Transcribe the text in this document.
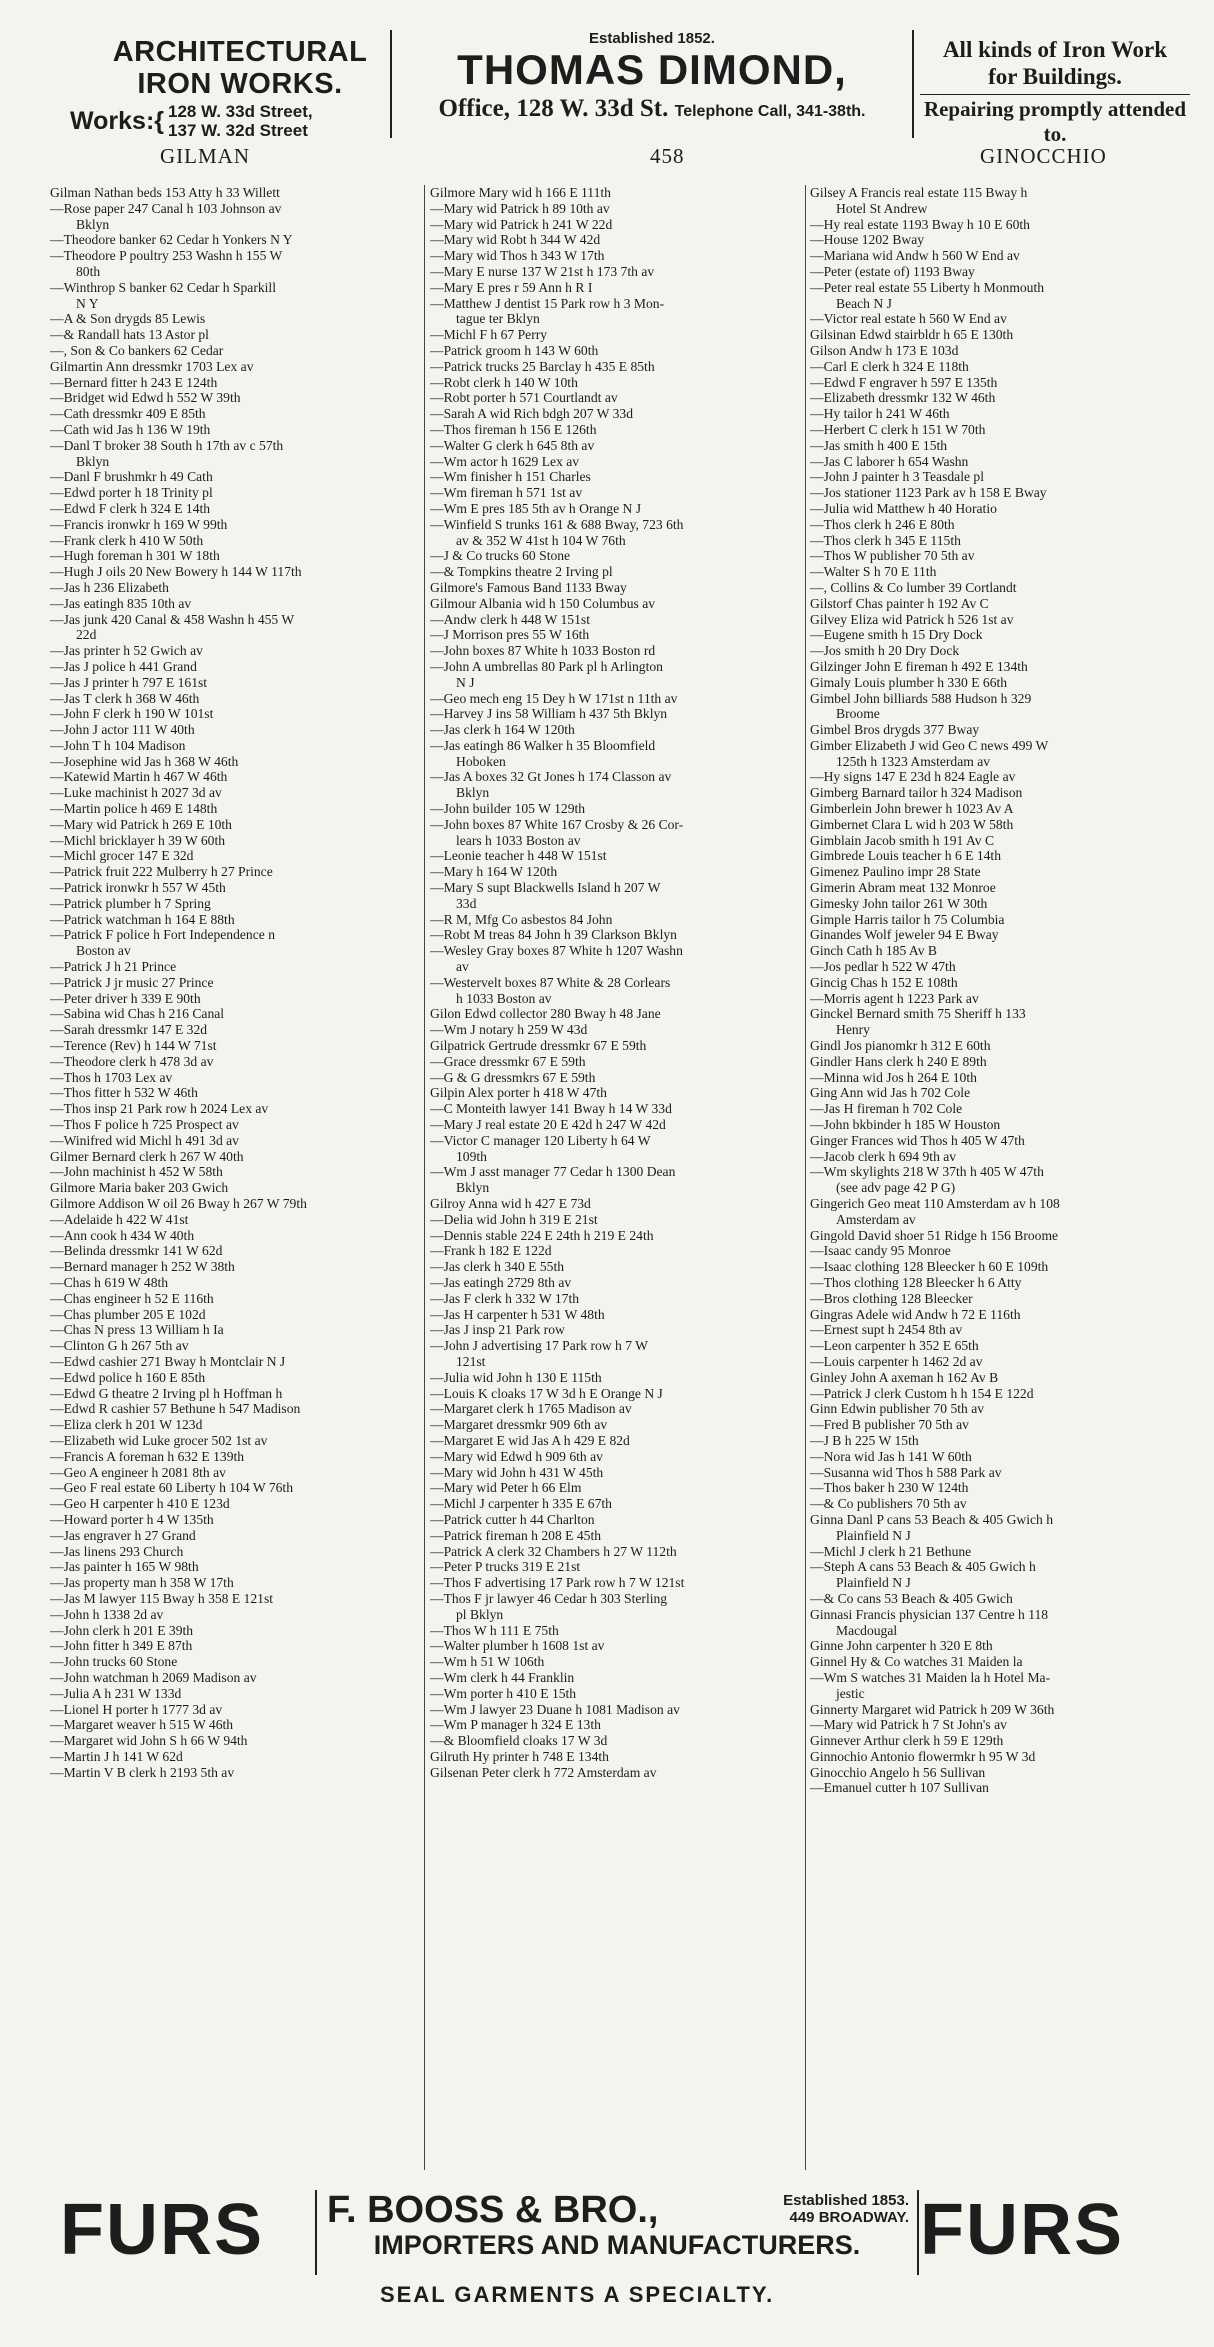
ARCHITECTURAL
IRON WORKS.
Works :{ 128 W. 33d Street,
137 W. 32d Street
Established 1852.
THOMAS DIMOND,
Office, 128 W. 33d St. Telephone Call, 341-38th.
All kinds of Iron Work
for Buildings.
Repairing promptly attended to.
GILMAN	458	GINOCCHIO
Gilman Nathan beds 153 Atty h 33 Willett
—Rose paper 247 Canal h 103 Johnson av
Bklyn
—Theodore banker 62 Cedar h Yonkers N Y
—Theodore P poultry 253 Washn h 155 W
80th
—Winthrop S banker 62 Cedar h Sparkill
N Y
—A & Son drygds 85 Lewis
—& Randall hats 13 Astor pl
—, Son & Co bankers 62 Cedar
Gilmartin Ann dressmkr 1703 Lex av
—Bernard fitter h 243 E 124th
—Bridget wid Edwd h 552 W 39th
—Cath dressmkr 409 E 85th
—Cath wid Jas h 136 W 19th
—Danl T broker 38 South h 17th av c 57th
Bklyn
—Danl F brushmkr h 49 Cath
—Edwd porter h 18 Trinity pl
—Edwd F clerk h 324 E 14th
—Francis ironwkr h 169 W 99th
—Frank clerk h 410 W 50th
—Hugh foreman h 301 W 18th
—Hugh J oils 20 New Bowery h 144 W 117th
—Jas h 236 Elizabeth
—Jas eatingh 835 10th av
—Jas junk 420 Canal & 458 Washn h 455 W
22d
—Jas printer h 52 Gwich av
—Jas J police h 441 Grand
—Jas J printer h 797 E 161st
—Jas T clerk h 368 W 46th
—John F clerk h 190 W 101st
—John J actor 111 W 40th
—John T h 104 Madison
—Josephine wid Jas h 368 W 46th
—Katewid Martin h 467 W 46th
—Luke machinist h 2027 3d av
—Martin police h 469 E 148th
—Mary wid Patrick h 269 E 10th
—Michl bricklayer h 39 W 60th
—Michl grocer 147 E 32d
—Patrick fruit 222 Mulberry h 27 Prince
—Patrick ironwkr h 557 W 45th
—Patrick plumber h 7 Spring
—Patrick watchman h 164 E 88th
—Patrick F police h Fort Independence n
Boston av
—Patrick J h 21 Prince
—Patrick J jr music 27 Prince
—Peter driver h 339 E 90th
—Sabina wid Chas h 216 Canal
—Sarah dressmkr 147 E 32d
—Terence (Rev) h 144 W 71st
—Theodore clerk h 478 3d av
—Thos h 1703 Lex av
—Thos fitter h 532 W 46th
—Thos insp 21 Park row h 2024 Lex av
—Thos F police h 725 Prospect av
—Winifred wid Michl h 491 3d av
Gilmer Bernard clerk h 267 W 40th
—John machinist h 452 W 58th
Gilmore Maria baker 203 Gwich
Gilmore Addison W oil 26 Bway h 267 W 79th
—Adelaide h 422 W 41st
—Ann cook h 434 W 40th
—Belinda dressmkr 141 W 62d
—Bernard manager h 252 W 38th
—Chas h 619 W 48th
—Chas engineer h 52 E 116th
—Chas plumber 205 E 102d
—Chas N press 13 William h Ia
—Clinton G h 267 5th av
—Edwd cashier 271 Bway h Montclair N J
—Edwd police h 160 E 85th
—Edwd G theatre 2 Irving pl h Hoffman h
—Edwd R cashier 57 Bethune h 547 Madison
—Eliza clerk h 201 W 123d
—Elizabeth wid Luke grocer 502 1st av
—Francis A foreman h 632 E 139th
—Geo A engineer h 2081 8th av
—Geo F real estate 60 Liberty h 104 W 76th
—Geo H carpenter h 410 E 123d
—Howard porter h 4 W 135th
—Jas engraver h 27 Grand
—Jas linens 293 Church
—Jas painter h 165 W 98th
—Jas property man h 358 W 17th
—Jas M lawyer 115 Bway h 358 E 121st
—John h 1338 2d av
—John clerk h 201 E 39th
—John fitter h 349 E 87th
—John trucks 60 Stone
—John watchman h 2069 Madison av
—Julia A h 231 W 133d
—Lionel H porter h 1777 3d av
—Margaret weaver h 515 W 46th
—Margaret wid John S h 66 W 94th
—Martin J h 141 W 62d
—Martin V B clerk h 2193 5th av
Gilmore Mary wid h 166 E 111th
—Mary wid Patrick h 89 10th av
—Mary wid Patrick h 241 W 22d
—Mary wid Robt h 344 W 42d
—Mary wid Thos h 343 W 17th
—Mary E nurse 137 W 21st h 173 7th av
—Mary E pres r 59 Ann h R I
—Matthew J dentist 15 Park row h 3 Mon-
tague ter Bklyn
—Michl F h 67 Perry
—Patrick groom h 143 W 60th
—Patrick trucks 25 Barclay h 435 E 85th
—Robt clerk h 140 W 10th
—Robt porter h 571 Courtlandt av
—Sarah A wid Rich bdgh 207 W 33d
—Thos fireman h 156 E 126th
—Walter G clerk h 645 8th av
—Wm actor h 1629 Lex av
—Wm finisher h 151 Charles
—Wm fireman h 571 1st av
—Wm E pres 185 5th av h Orange N J
—Winfield S trunks 161 & 688 Bway, 723 6th
av & 352 W 41st h 104 W 76th
—J & Co trucks 60 Stone
—& Tompkins theatre 2 Irving pl
Gilmore's Famous Band 1133 Bway
Gilmour Albania wid h 150 Columbus av
—Andw clerk h 448 W 151st
—J Morrison pres 55 W 16th
—John boxes 87 White h 1033 Boston rd
—John A umbrellas 80 Park pl h Arlington
N J
—Geo mech eng 15 Dey h W 171st n 11th av
—Harvey J ins 58 William h 437 5th Bklyn
—Jas clerk h 164 W 120th
—Jas eatingh 86 Walker h 35 Bloomfield
Hoboken
—Jas A boxes 32 Gt Jones h 174 Classon av
Bklyn
—John builder 105 W 129th
—John boxes 87 White 167 Crosby & 26 Cor-
lears h 1033 Boston av
—Leonie teacher h 448 W 151st
—Mary h 164 W 120th
—Mary S supt Blackwells Island h 207 W
33d
—R M, Mfg Co asbestos 84 John
—Robt M treas 84 John h 39 Clarkson Bklyn
—Wesley Gray boxes 87 White h 1207 Washn
av
—Westervelt boxes 87 White & 28 Corlears
h 1033 Boston av
Gilon Edwd collector 280 Bway h 48 Jane
—Wm J notary h 259 W 43d
Gilpatrick Gertrude dressmkr 67 E 59th
—Grace dressmkr 67 E 59th
—G & G dressmkrs 67 E 59th
Gilpin Alex porter h 418 W 47th
—C Monteith lawyer 141 Bway h 14 W 33d
—Mary J real estate 20 E 42d h 247 W 42d
—Victor C manager 120 Liberty h 64 W
109th
—Wm J asst manager 77 Cedar h 1300 Dean
Bklyn
Gilroy Anna wid h 427 E 73d
—Delia wid John h 319 E 21st
—Dennis stable 224 E 24th h 219 E 24th
—Frank h 182 E 122d
—Jas clerk h 340 E 55th
—Jas eatingh 2729 8th av
—Jas F clerk h 332 W 17th
—Jas H carpenter h 531 W 48th
—Jas J insp 21 Park row
—John J advertising 17 Park row h 7 W
121st
—Julia wid John h 130 E 115th
—Louis K cloaks 17 W 3d h E Orange N J
—Margaret clerk h 1765 Madison av
—Margaret dressmkr 909 6th av
—Margaret E wid Jas A h 429 E 82d
—Mary wid Edwd h 909 6th av
—Mary wid John h 431 W 45th
—Mary wid Peter h 66 Elm
—Michl J carpenter h 335 E 67th
—Patrick cutter h 44 Charlton
—Patrick fireman h 208 E 45th
—Patrick A clerk 32 Chambers h 27 W 112th
—Peter P trucks 319 E 21st
—Thos F advertising 17 Park row h 7 W 121st
—Thos F jr lawyer 46 Cedar h 303 Sterling
pl Bklyn
—Thos W h 111 E 75th
—Walter plumber h 1608 1st av
—Wm h 51 W 106th
—Wm clerk h 44 Franklin
—Wm porter h 410 E 15th
—Wm J lawyer 23 Duane h 1081 Madison av
—Wm P manager h 324 E 13th
—& Bloomfield cloaks 17 W 3d
Gilruth Hy printer h 748 E 134th
Gilsenan Peter clerk h 772 Amsterdam av
Gilsey A Francis real estate 115 Bway h
Hotel St Andrew
—Hy real estate 1193 Bway h 10 E 60th
—House 1202 Bway
—Mariana wid Andw h 560 W End av
—Peter (estate of) 1193 Bway
—Peter real estate 55 Liberty h Monmouth
Beach N J
—Victor real estate h 560 W End av
Gilsinan Edwd stairbldr h 65 E 130th
Gilson Andw h 173 E 103d
—Carl E clerk h 324 E 118th
—Edwd F engraver h 597 E 135th
—Elizabeth dressmkr 132 W 46th
—Hy tailor h 241 W 46th
—Herbert C clerk h 151 W 70th
—Jas smith h 400 E 15th
—Jas C laborer h 654 Washn
—John J painter h 3 Teasdale pl
—Jos stationer 1123 Park av h 158 E Bway
—Julia wid Matthew h 40 Horatio
—Thos clerk h 246 E 80th
—Thos clerk h 345 E 115th
—Thos W publisher 70 5th av
—Walter S h 70 E 11th
—, Collins & Co lumber 39 Cortlandt
Gilstorf Chas painter h 192 Av C
Gilvey Eliza wid Patrick h 526 1st av
—Eugene smith h 15 Dry Dock
—Jos smith h 20 Dry Dock
Gilzinger John E fireman h 492 E 134th
Gimaly Louis plumber h 330 E 66th
Gimbel John billiards 588 Hudson h 329
Broome
Gimbel Bros drygds 377 Bway
Gimber Elizabeth J wid Geo C news 499 W
125th h 1323 Amsterdam av
—Hy signs 147 E 23d h 824 Eagle av
Gimberg Barnard tailor h 324 Madison
Gimberlein John brewer h 1023 Av A
Gimbernet Clara L wid h 203 W 58th
Gimblain Jacob smith h 191 Av C
Gimbrede Louis teacher h 6 E 14th
Gimenez Paulino impr 28 State
Gimerin Abram meat 132 Monroe
Gimesky John tailor 261 W 30th
Gimple Harris tailor h 75 Columbia
Ginandes Wolf jeweler 94 E Bway
Ginch Cath h 185 Av B
—Jos pedlar h 522 W 47th
Gincig Chas h 152 E 108th
—Morris agent h 1223 Park av
Ginckel Bernard smith 75 Sheriff h 133
Henry
Gindl Jos pianomkr h 312 E 60th
Gindler Hans clerk h 240 E 89th
—Minna wid Jos h 264 E 10th
Ging Ann wid Jas h 702 Cole
—Jas H fireman h 702 Cole
—John bkbinder h 185 W Houston
Ginger Frances wid Thos h 405 W 47th
—Jacob clerk h 694 9th av
—Wm skylights 218 W 37th h 405 W 47th
(see adv page 42 P G)
Gingerich Geo meat 110 Amsterdam av h 108
Amsterdam av
Gingold David shoer 51 Ridge h 156 Broome
—Isaac candy 95 Monroe
—Isaac clothing 128 Bleecker h 60 E 109th
—Thos clothing 128 Bleecker h 6 Atty
—Bros clothing 128 Bleecker
Gingras Adele wid Andw h 72 E 116th
—Ernest supt h 2454 8th av
—Leon carpenter h 352 E 65th
—Louis carpenter h 1462 2d av
Ginley John A axeman h 162 Av B
—Patrick J clerk Custom h h 154 E 122d
Ginn Edwin publisher 70 5th av
—Fred B publisher 70 5th av
—J B h 225 W 15th
—Nora wid Jas h 141 W 60th
—Susanna wid Thos h 588 Park av
—Thos baker h 230 W 124th
—& Co publishers 70 5th av
Ginna Danl P cans 53 Beach & 405 Gwich h
Plainfield N J
—Michl J clerk h 21 Bethune
—Steph A cans 53 Beach & 405 Gwich h
Plainfield N J
—& Co cans 53 Beach & 405 Gwich
Ginnasi Francis physician 137 Centre h 118
Macdougal
Ginne John carpenter h 320 E 8th
Ginnel Hy & Co watches 31 Maiden la
—Wm S watches 31 Maiden la h Hotel Ma-
jestic
Ginnerty Margaret wid Patrick h 209 W 36th
—Mary wid Patrick h 7 St John's av
Ginnever Arthur clerk h 59 E 129th
Ginnochio Antonio flowermkr h 95 W 3d
Ginocchio Angelo h 56 Sullivan
—Emanuel cutter h 107 Sullivan
FURS F. BOOSS & BRO.,	Established 1853.
449 BROADWAY.
IMPORTERS AND MANUFACTURERS. FURS
SEAL GARMENTS A SPECIALTY.
